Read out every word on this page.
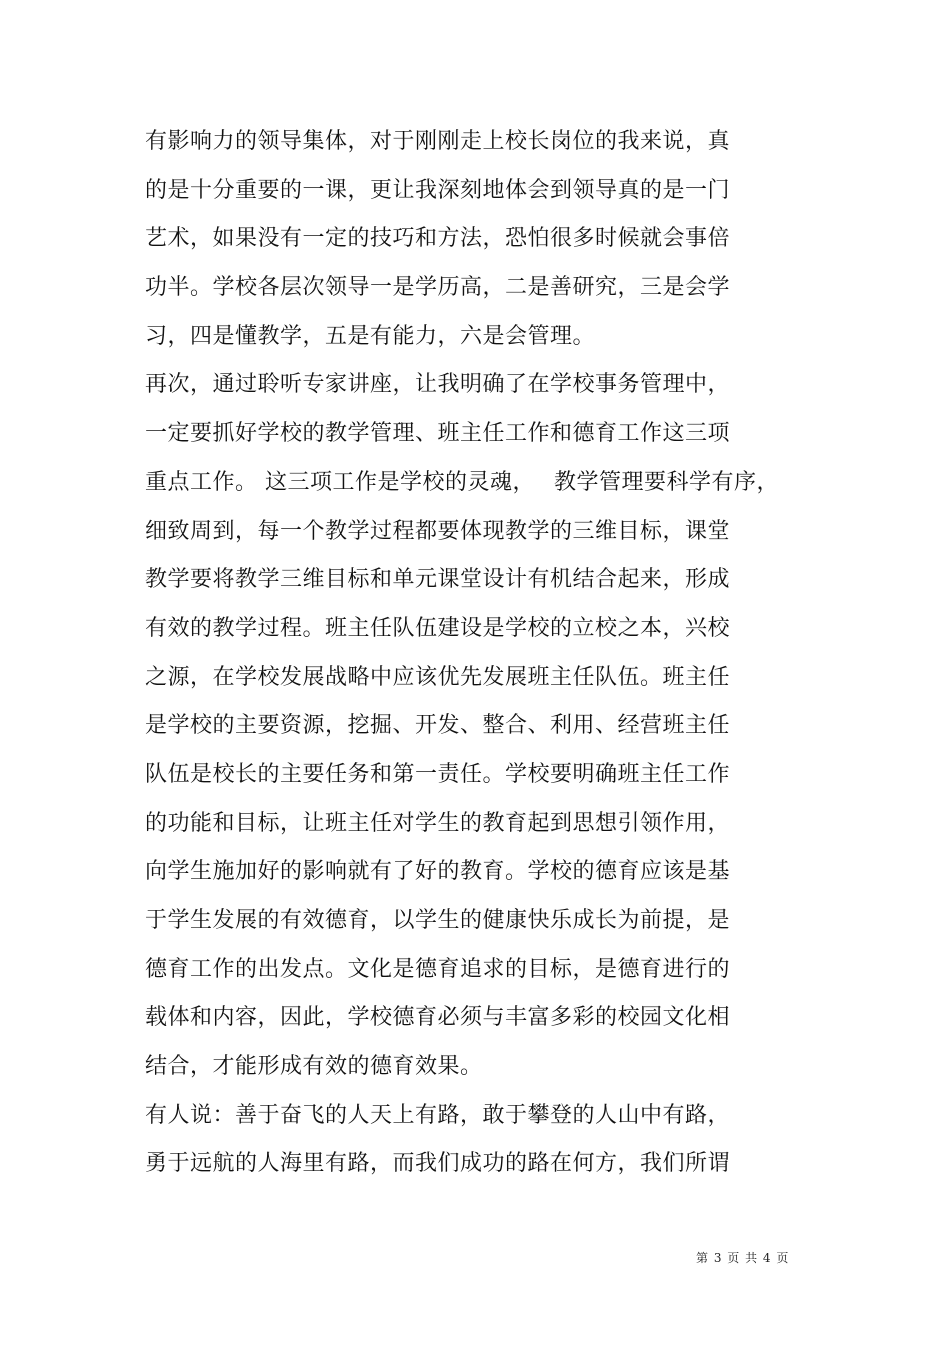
有影响力的领导集体，对于刚刚走上校长岗位的我来说，真
的是十分重要的一课，更让我深刻地体会到领导真的是一门
艺术，如果没有一定的技巧和方法，恐怕很多时候就会事倍
功半。学校各层次领导一是学历高，二是善研究，三是会学
习，四是懂教学，五是有能力，六是会管理。
再次，通过聆听专家讲座，让我明确了在学校事务管理中，
一定要抓好学校的教学管理、班主任工作和德育工作这三项
重点工作。 这三项工作是学校的灵魂，　 教学管理要科学有序，
细致周到，每一个教学过程都要体现教学的三维目标，课堂
教学要将教学三维目标和单元课堂设计有机结合起来，形成
有效的教学过程。班主任队伍建设是学校的立校之本，兴校
之源，在学校发展战略中应该优先发展班主任队伍。班主任
是学校的主要资源，挖掘、开发、整合、利用、经营班主任
队伍是校长的主要任务和第一责任。学校要明确班主任工作
的功能和目标，让班主任对学生的教育起到思想引领作用，
向学生施加好的影响就有了好的教育。学校的德育应该是基
于学生发展的有效德育，以学生的健康快乐成长为前提，是
德育工作的出发点。文化是德育追求的目标，是德育进行的
载体和内容，因此，学校德育必须与丰富多彩的校园文化相
结合，才能形成有效的德育效果。
有人说：善于奋飞的人天上有路，敢于攀登的人山中有路，
勇于远航的人海里有路，而我们成功的路在何方，我们所谓
第 3 页 共 4 页
